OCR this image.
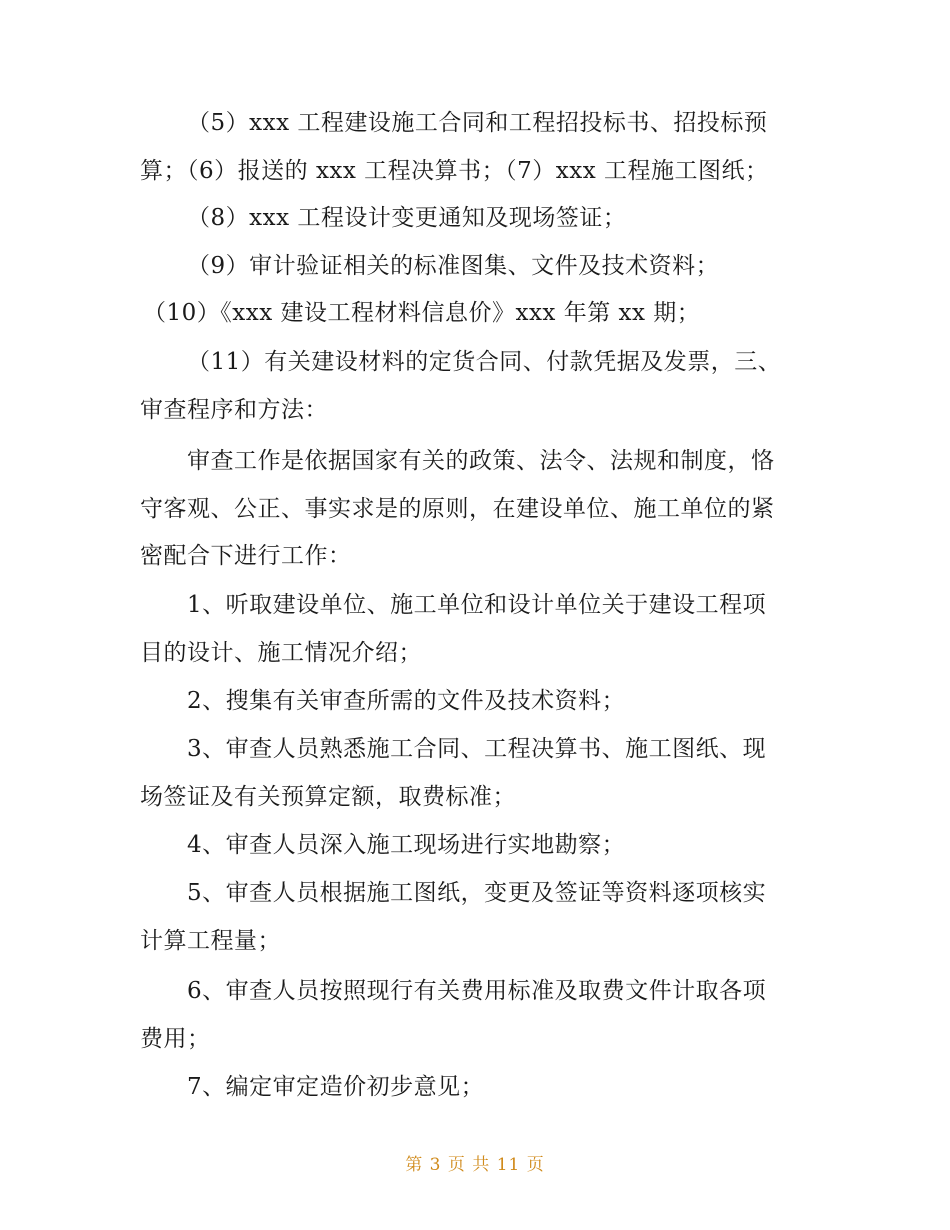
（5）xxx 工程建设施工合同和工程招投标书、招投标预
算；（6）报送的 xxx 工程决算书；（7）xxx 工程施工图纸；
（8）xxx 工程设计变更通知及现场签证；
（9）审计验证相关的标准图集、文件及技术资料；
（10）《xxx 建设工程材料信息价》xxx 年第 xx 期；
（11）有关建设材料的定货合同、付款凭据及发票，三、
审查程序和方法：
审查工作是依据国家有关的政策、法令、法规和制度，恪
守客观、公正、事实求是的原则，在建设单位、施工单位的紧
密配合下进行工作：
1、听取建设单位、施工单位和设计单位关于建设工程项
目的设计、施工情况介绍；
2、搜集有关审查所需的文件及技术资料；
3、审查人员熟悉施工合同、工程决算书、施工图纸、现
场签证及有关预算定额，取费标准；
4、审查人员深入施工现场进行实地勘察；
5、审查人员根据施工图纸，变更及签证等资料逐项核实
计算工程量；
6、审查人员按照现行有关费用标准及取费文件计取各项
费用；
7、编定审定造价初步意见；
第 3 页 共 11 页
